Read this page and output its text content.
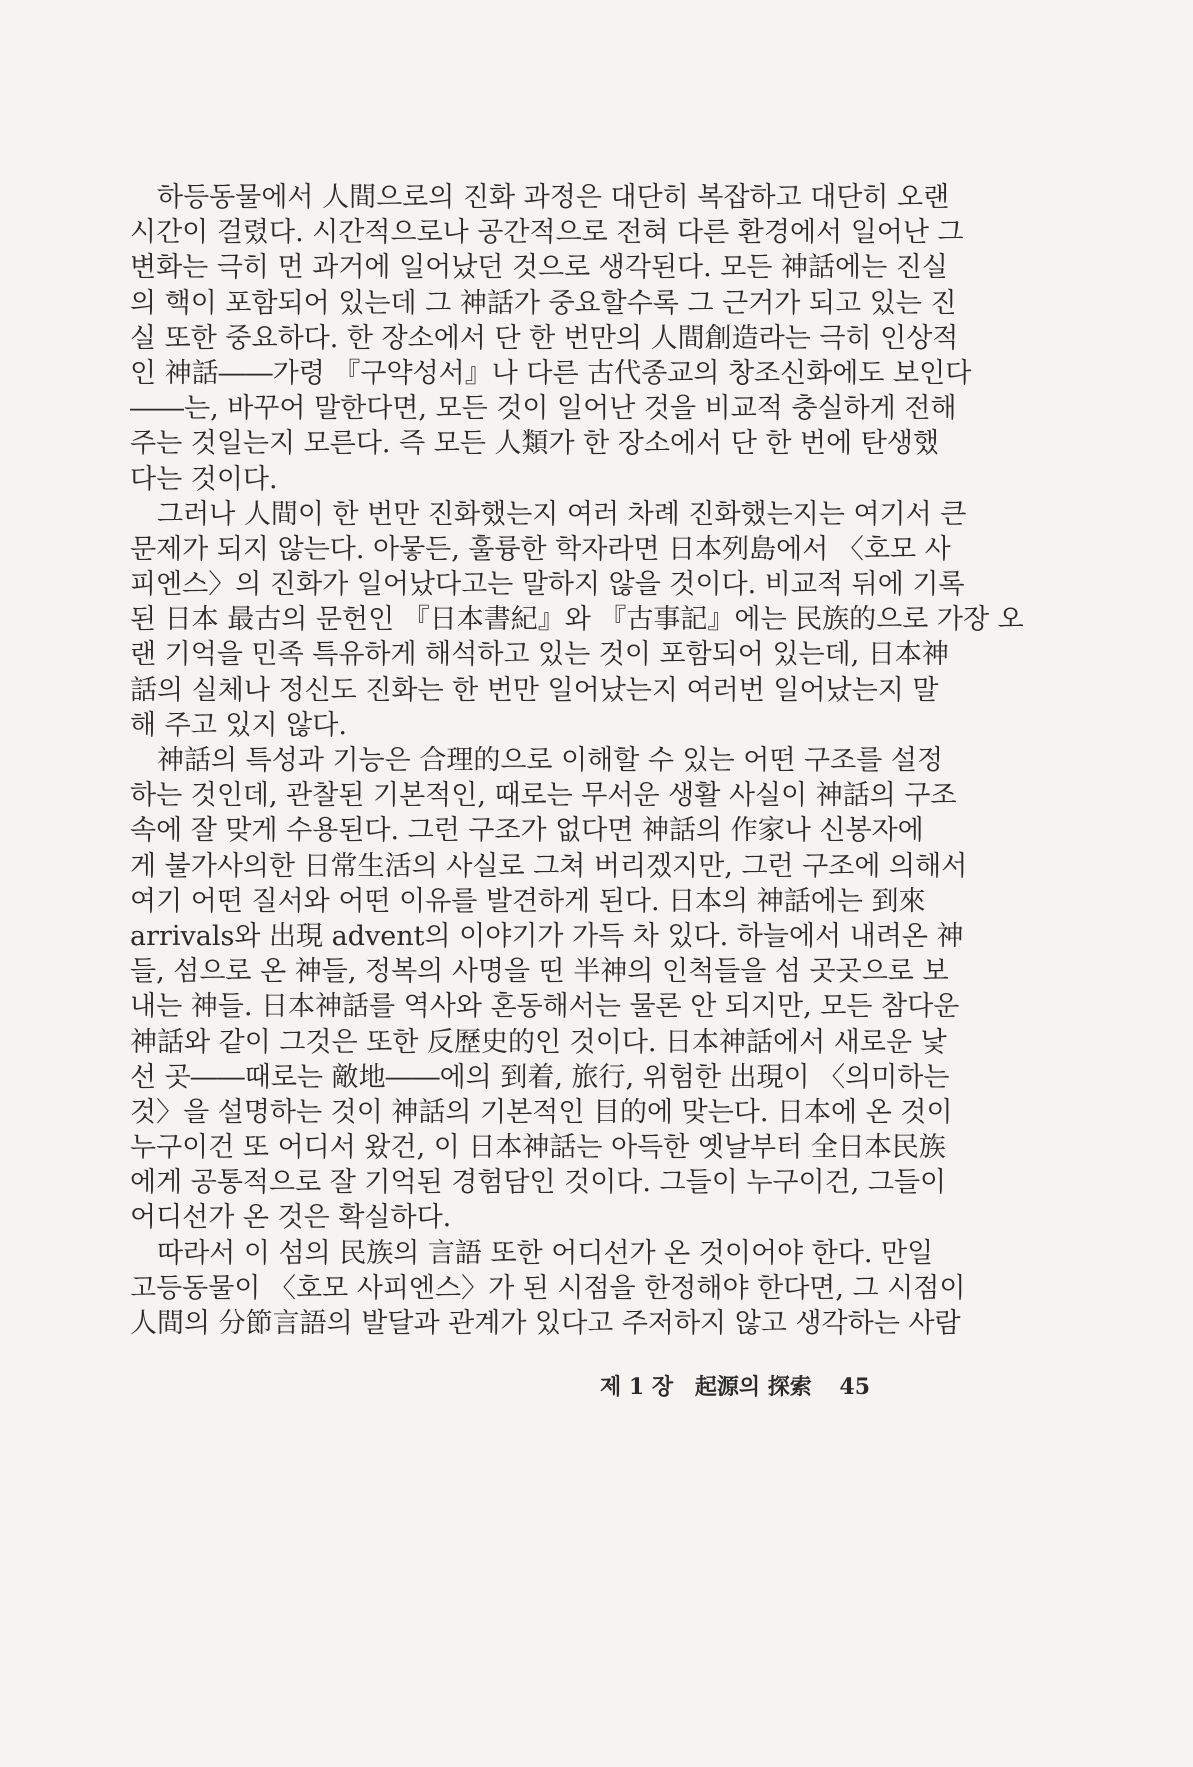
하등동물에서 人間으로의 진화 과정은 대단히 복잡하고 대단히 오랜
시간이 걸렸다. 시간적으로나 공간적으로 전혀 다른 환경에서 일어난 그
변화는 극히 먼 과거에 일어났던 것으로 생각된다. 모든 神話에는 진실
의 핵이 포함되어 있는데 그 神話가 중요할수록 그 근거가 되고 있는 진
실 또한 중요하다. 한 장소에서 단 한 번만의 人間創造라는 극히 인상적
인 神話――가령 『구약성서』나 다른 古代종교의 창조신화에도 보인다
――는, 바꾸어 말한다면, 모든 것이 일어난 것을 비교적 충실하게 전해
주는 것일는지 모른다. 즉 모든 人類가 한 장소에서 단 한 번에 탄생했
다는 것이다.
그러나 人間이 한 번만 진화했는지 여러 차례 진화했는지는 여기서 큰
문제가 되지 않는다. 아뭏든, 훌륭한 학자라면 日本列島에서 〈호모 사
피엔스〉의 진화가 일어났다고는 말하지 않을 것이다. 비교적 뒤에 기록
된 日本 最古의 문헌인 『日本書紀』와 『古事記』에는 民族的으로 가장 오
랜 기억을 민족 특유하게 해석하고 있는 것이 포함되어 있는데, 日本神
話의 실체나 정신도 진화는 한 번만 일어났는지 여러번 일어났는지 말
해 주고 있지 않다.
神話의 특성과 기능은 合理的으로 이해할 수 있는 어떤 구조를 설정
하는 것인데, 관찰된 기본적인, 때로는 무서운 생활 사실이 神話의 구조
속에 잘 맞게 수용된다. 그런 구조가 없다면 神話의 作家나 신봉자에
게 불가사의한 日常生活의 사실로 그쳐 버리겠지만, 그런 구조에 의해서
여기 어떤 질서와 어떤 이유를 발견하게 된다. 日本의 神話에는 到來
arrivals와 出現 advent의 이야기가 가득 차 있다. 하늘에서 내려온 神
들, 섬으로 온 神들, 정복의 사명을 띤 半神의 인척들을 섬 곳곳으로 보
내는 神들. 日本神話를 역사와 혼동해서는 물론 안 되지만, 모든 참다운
神話와 같이 그것은 또한 反歷史的인 것이다. 日本神話에서 새로운 낯
선 곳――때로는 敵地――에의 到着, 旅行, 위험한 出現이 〈의미하는
것〉을 설명하는 것이 神話의 기본적인 目的에 맞는다. 日本에 온 것이
누구이건 또 어디서 왔건, 이 日本神話는 아득한 옛날부터 全日本民族
에게 공통적으로 잘 기억된 경험담인 것이다. 그들이 누구이건, 그들이
어디선가 온 것은 확실하다.
따라서 이 섬의 民族의 言語 또한 어디선가 온 것이어야 한다. 만일
고등동물이 〈호모 사피엔스〉가 된 시점을 한정해야 한다면, 그 시점이
人間의 分節言語의 발달과 관계가 있다고 주저하지 않고 생각하는 사람
제 1 장 起源의 探索 45
